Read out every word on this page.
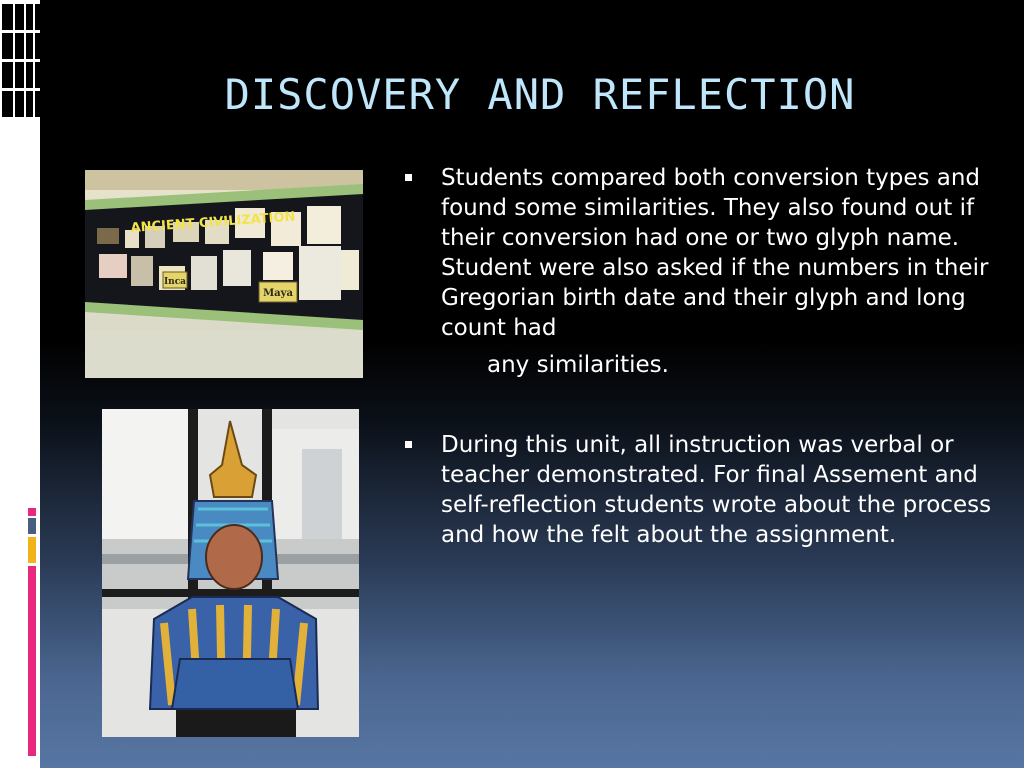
DISCOVERY AND REFLECTION
Inca
Maya
ANCIENT CIVILIZATION
Students compared both conversion types and found some similarities. They also found out if their conversion had one or two glyph name. Student were also asked if the numbers in their Gregorian birth date and their glyph and long count had
any similarities.
During this unit, all instruction was verbal or teacher demonstrated. For final Assement and self-reflection students wrote about the process and how the felt about the assignment.
